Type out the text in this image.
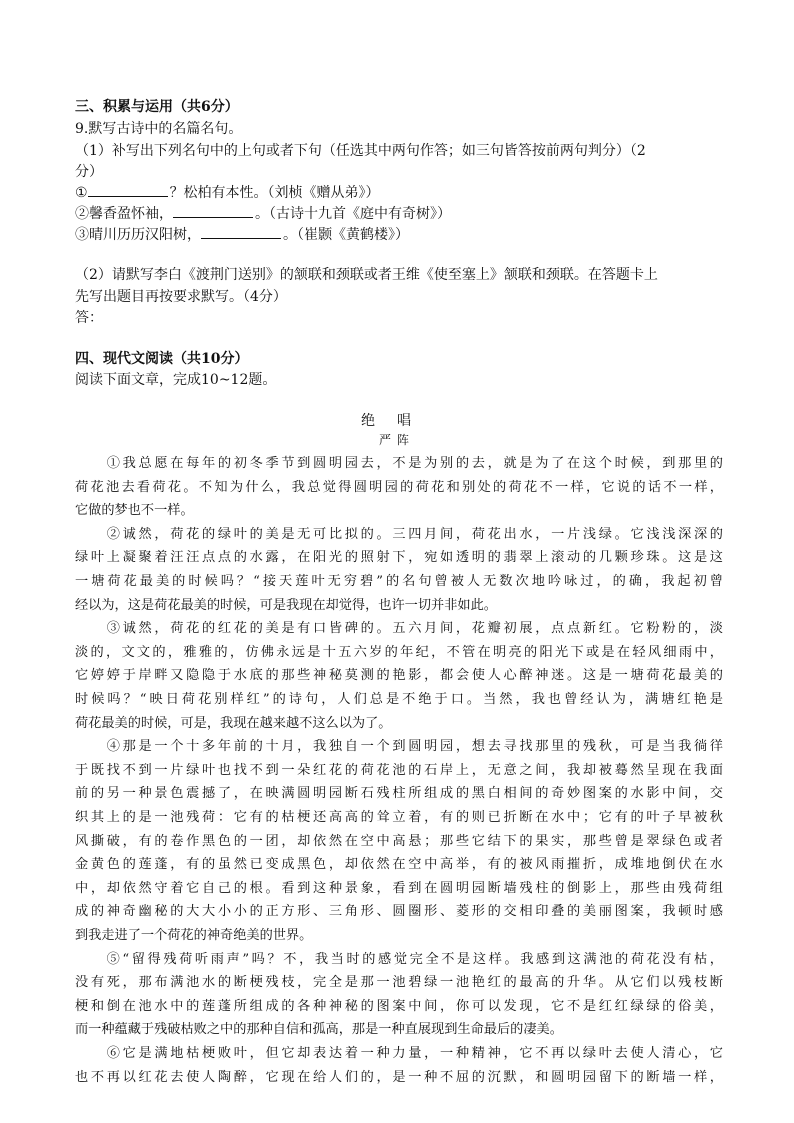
三、积累与运用（共6分）
9.默写古诗中的名篇名句。
（1）补写出下列名句中的上句或者下句（任选其中两句作答；如三句皆答按前两句判分）（2
分）
①	？松柏有本性。（刘桢《赠从弟》）
②馨香盈怀袖，	。（古诗十九首《庭中有奇树》）
③晴川历历汉阳树，	。（崔颢《黄鹤楼》）
（2）请默写李白《渡荆门送别》的颔联和颈联或者王维《使至塞上》颔联和颈联。在答题卡上
先写出题目再按要求默写。（4分）
答：
四、现代文阅读（共10分）
阅读下面文章，完成10~12题。
绝唱
严阵
　　①我总愿在每年的初冬季节到圆明园去，不是为别的去，就是为了在这个时候，到那里的
荷花池去看荷花。不知为什么，我总觉得圆明园的荷花和别处的荷花不一样，它说的话不一样，
它做的梦也不一样。
　　②诚然，荷花的绿叶的美是无可比拟的。三四月间，荷花出水，一片浅绿。它浅浅深深的
绿叶上凝聚着汪汪点点的水露，在阳光的照射下，宛如透明的翡翠上滚动的几颗珍珠。这是这
一塘荷花最美的时候吗？“接天莲叶无穷碧”的名句曾被人无数次地吟咏过，的确，我起初曾
经以为，这是荷花最美的时候，可是我现在却觉得，也许一切并非如此。
　　③诚然，荷花的红花的美是有口皆碑的。五六月间，花瓣初展，点点新红。它粉粉的，淡
淡的，文文的，雅雅的，仿佛永远是十五六岁的年纪，不管在明亮的阳光下或是在轻风细雨中，
它婷婷于岸畔又隐隐于水底的那些神秘莫测的艳影，都会使人心醉神迷。这是一塘荷花最美的
时候吗？“映日荷花别样红”的诗句，人们总是不绝于口。当然，我也曾经认为，满塘红艳是
荷花最美的时候，可是，我现在越来越不这么以为了。
　　④那是一个十多年前的十月，我独自一个到圆明园，想去寻找那里的残秋，可是当我徜徉
于既找不到一片绿叶也找不到一朵红花的荷花池的石岸上，无意之间，我却被蓦然呈现在我面
前的另一种景色震撼了，在映满圆明园断石残柱所组成的黑白相间的奇妙图案的水影中间，交
织其上的是一池残荷：它有的枯梗还高高的耸立着，有的则已折断在水中；它有的叶子早被秋
风撕破，有的卷作黑色的一团，却依然在空中高悬；那些它结下的果实，那些曾是翠绿色或者
金黄色的莲蓬，有的虽然已变成黑色，却依然在空中高举，有的被风雨摧折，成堆地倒伏在水
中，却依然守着它自己的根。看到这种景象，看到在圆明园断墙残柱的倒影上，那些由残荷组
成的神奇幽秘的大大小小的正方形、三角形、圆圈形、菱形的交相印叠的美丽图案，我顿时感
到我走进了一个荷花的神奇绝美的世界。
　　⑤“留得残荷听雨声”吗？不，我当时的感觉完全不是这样。我感到这满池的荷花没有枯，
没有死，那布满池水的断梗残枝，完全是那一池碧绿一池艳红的最高的升华。从它们以残枝断
梗和倒在池水中的莲蓬所组成的各种神秘的图案中间，你可以发现，它不是红红绿绿的俗美，
而一种蕴藏于残破枯败之中的那种自信和孤高，那是一种直展现到生命最后的凄美。
　　⑥它是满地枯梗败叶，但它却表达着一种力量，一种精神，它不再以绿叶去使人清心，它
也不再以红花去使人陶醉，它现在给人们的，是一种不屈的沉默，和圆明园留下的断墙一样，
